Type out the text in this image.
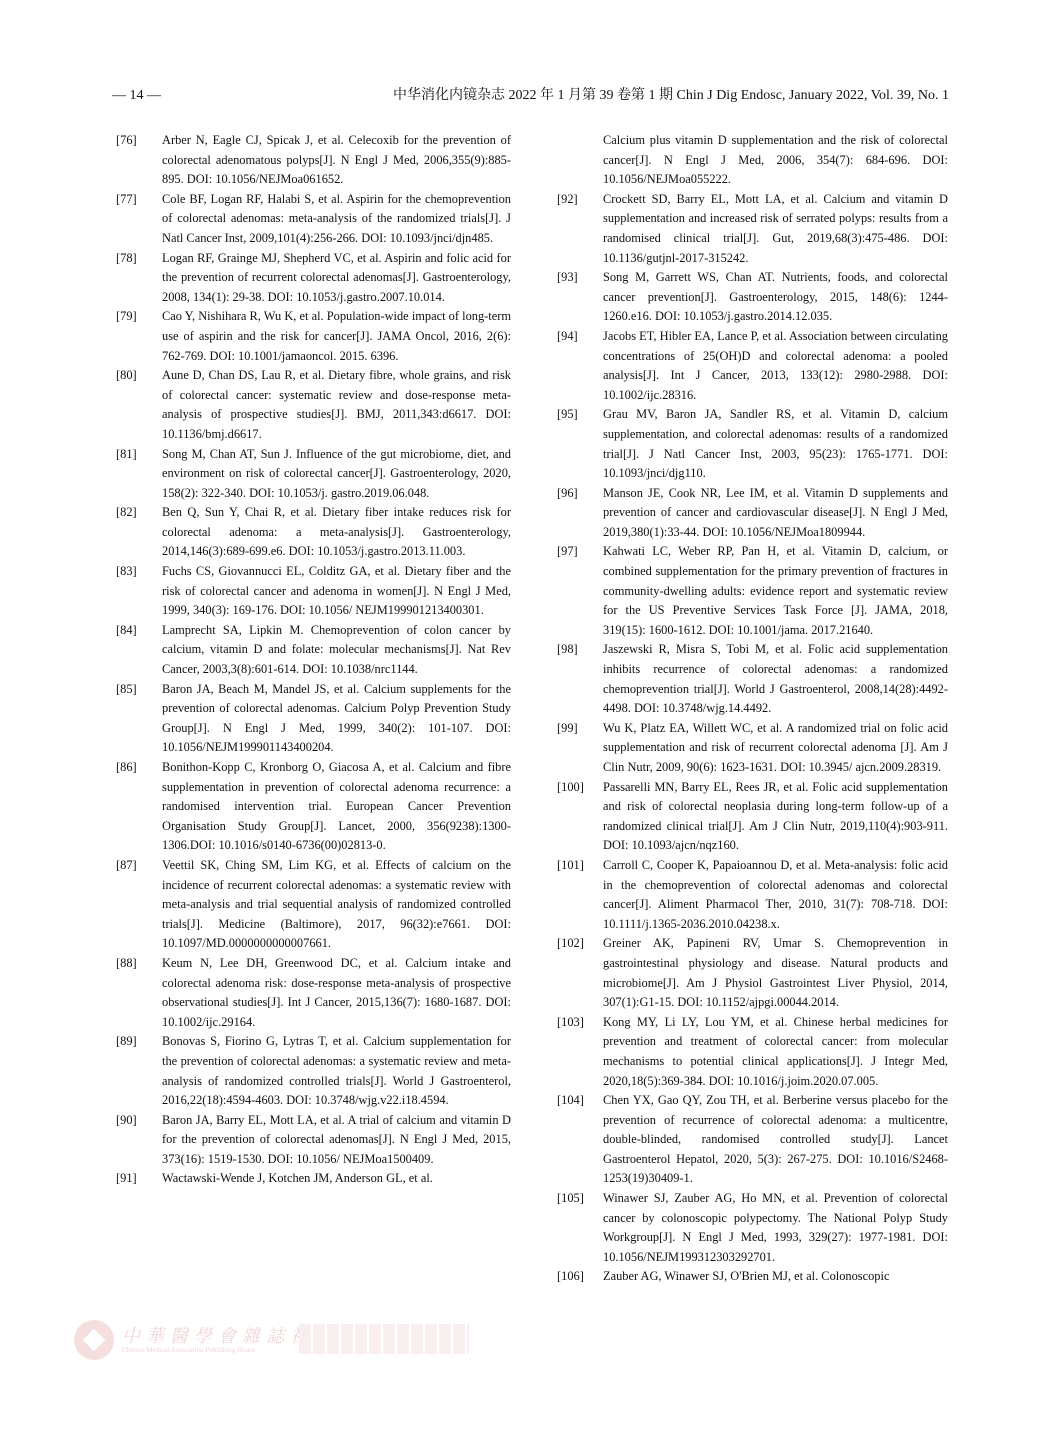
— 14 —	中华消化内镜杂志 2022 年 1 月第 39 卷第 1 期 Chin J Dig Endosc, January 2022, Vol. 39, No. 1
[76]	Arber N, Eagle CJ, Spicak J, et al. Celecoxib for the prevention of colorectal adenomatous polyps[J]. N Engl J Med, 2006,355(9):885-895. DOI: 10.1056/NEJMoa061652.
[77]	Cole BF, Logan RF, Halabi S, et al. Aspirin for the chemoprevention of colorectal adenomas: meta-analysis of the randomized trials[J]. J Natl Cancer Inst, 2009,101(4):256-266. DOI: 10.1093/jnci/djn485.
[78]	Logan RF, Grainge MJ, Shepherd VC, et al. Aspirin and folic acid for the prevention of recurrent colorectal adenomas[J]. Gastroenterology, 2008, 134(1): 29-38. DOI: 10.1053/j.gastro.2007.10.014.
[79]	Cao Y, Nishihara R, Wu K, et al. Population-wide impact of long-term use of aspirin and the risk for cancer[J]. JAMA Oncol, 2016, 2(6): 762-769. DOI: 10.1001/jamaoncol. 2015. 6396.
[80]	Aune D, Chan DS, Lau R, et al. Dietary fibre, whole grains, and risk of colorectal cancer: systematic review and dose-response meta-analysis of prospective studies[J]. BMJ, 2011,343:d6617. DOI: 10.1136/bmj.d6617.
[81]	Song M, Chan AT, Sun J. Influence of the gut microbiome, diet, and environment on risk of colorectal cancer[J]. Gastroenterology, 2020, 158(2): 322-340. DOI: 10.1053/j. gastro.2019.06.048.
[82]	Ben Q, Sun Y, Chai R, et al. Dietary fiber intake reduces risk for colorectal adenoma: a meta-analysis[J]. Gastroenterology, 2014,146(3):689-699.e6. DOI: 10.1053/j.gastro.2013.11.003.
[83]	Fuchs CS, Giovannucci EL, Colditz GA, et al. Dietary fiber and the risk of colorectal cancer and adenoma in women[J]. N Engl J Med, 1999, 340(3): 169-176. DOI: 10.1056/ NEJM199901213400301.
[84]	Lamprecht SA, Lipkin M. Chemoprevention of colon cancer by calcium, vitamin D and folate: molecular mechanisms[J]. Nat Rev Cancer, 2003,3(8):601-614. DOI: 10.1038/nrc1144.
[85]	Baron JA, Beach M, Mandel JS, et al. Calcium supplements for the prevention of colorectal adenomas. Calcium Polyp Prevention Study Group[J]. N Engl J Med, 1999, 340(2): 101-107. DOI: 10.1056/NEJM199901143400204.
[86]	Bonithon-Kopp C, Kronborg O, Giacosa A, et al. Calcium and fibre supplementation in prevention of colorectal adenoma recurrence: a randomised intervention trial. European Cancer Prevention Organisation Study Group[J]. Lancet, 2000, 356(9238):1300-1306.DOI: 10.1016/s0140-6736(00)02813-0.
[87]	Veettil SK, Ching SM, Lim KG, et al. Effects of calcium on the incidence of recurrent colorectal adenomas: a systematic review with meta-analysis and trial sequential analysis of randomized controlled trials[J]. Medicine (Baltimore), 2017, 96(32):e7661. DOI: 10.1097/MD.0000000000007661.
[88]	Keum N, Lee DH, Greenwood DC, et al. Calcium intake and colorectal adenoma risk: dose-response meta-analysis of prospective observational studies[J]. Int J Cancer, 2015,136(7): 1680-1687. DOI: 10.1002/ijc.29164.
[89]	Bonovas S, Fiorino G, Lytras T, et al. Calcium supplementation for the prevention of colorectal adenomas: a systematic review and meta-analysis of randomized controlled trials[J]. World J Gastroenterol, 2016,22(18):4594-4603. DOI: 10.3748/wjg.v22.i18.4594.
[90]	Baron JA, Barry EL, Mott LA, et al. A trial of calcium and vitamin D for the prevention of colorectal adenomas[J]. N Engl J Med, 2015, 373(16): 1519-1530. DOI: 10.1056/ NEJMoa1500409.
[91]	Wactawski-Wende J, Kotchen JM, Anderson GL, et al.
Calcium plus vitamin D supplementation and the risk of colorectal cancer[J]. N Engl J Med, 2006, 354(7): 684-696. DOI: 10.1056/NEJMoa055222.
[92]	Crockett SD, Barry EL, Mott LA, et al. Calcium and vitamin D supplementation and increased risk of serrated polyps: results from a randomised clinical trial[J]. Gut, 2019,68(3):475-486. DOI: 10.1136/gutjnl-2017-315242.
[93]	Song M, Garrett WS, Chan AT. Nutrients, foods, and colorectal cancer prevention[J]. Gastroenterology, 2015, 148(6): 1244-1260.e16. DOI: 10.1053/j.gastro.2014.12.035.
[94]	Jacobs ET, Hibler EA, Lance P, et al. Association between circulating concentrations of 25(OH)D and colorectal adenoma: a pooled analysis[J]. Int J Cancer, 2013, 133(12): 2980-2988. DOI: 10.1002/ijc.28316.
[95]	Grau MV, Baron JA, Sandler RS, et al. Vitamin D, calcium supplementation, and colorectal adenomas: results of a randomized trial[J]. J Natl Cancer Inst, 2003, 95(23): 1765-1771. DOI: 10.1093/jnci/djg110.
[96]	Manson JE, Cook NR, Lee IM, et al. Vitamin D supplements and prevention of cancer and cardiovascular disease[J]. N Engl J Med, 2019,380(1):33-44. DOI: 10.1056/NEJMoa1809944.
[97]	Kahwati LC, Weber RP, Pan H, et al. Vitamin D, calcium, or combined supplementation for the primary prevention of fractures in community-dwelling adults: evidence report and systematic review for the US Preventive Services Task Force [J]. JAMA, 2018, 319(15): 1600-1612. DOI: 10.1001/jama. 2017.21640.
[98]	Jaszewski R, Misra S, Tobi M, et al. Folic acid supplementation inhibits recurrence of colorectal adenomas: a randomized chemoprevention trial[J]. World J Gastroenterol, 2008,14(28):4492-4498. DOI: 10.3748/wjg.14.4492.
[99]	Wu K, Platz EA, Willett WC, et al. A randomized trial on folic acid supplementation and risk of recurrent colorectal adenoma [J]. Am J Clin Nutr, 2009, 90(6): 1623-1631. DOI: 10.3945/ ajcn.2009.28319.
[100]	Passarelli MN, Barry EL, Rees JR, et al. Folic acid supplementation and risk of colorectal neoplasia during long-term follow-up of a randomized clinical trial[J]. Am J Clin Nutr, 2019,110(4):903-911. DOI: 10.1093/ajcn/nqz160.
[101]	Carroll C, Cooper K, Papaioannou D, et al. Meta-analysis: folic acid in the chemoprevention of colorectal adenomas and colorectal cancer[J]. Aliment Pharmacol Ther, 2010, 31(7): 708-718. DOI: 10.1111/j.1365-2036.2010.04238.x.
[102]	Greiner AK, Papineni RV, Umar S. Chemoprevention in gastrointestinal physiology and disease. Natural products and microbiome[J]. Am J Physiol Gastrointest Liver Physiol, 2014, 307(1):G1-15. DOI: 10.1152/ajpgi.00044.2014.
[103]	Kong MY, Li LY, Lou YM, et al. Chinese herbal medicines for prevention and treatment of colorectal cancer: from molecular mechanisms to potential clinical applications[J]. J Integr Med, 2020,18(5):369-384. DOI: 10.1016/j.joim.2020.07.005.
[104]	Chen YX, Gao QY, Zou TH, et al. Berberine versus placebo for the prevention of recurrence of colorectal adenoma: a multicentre, double-blinded, randomised controlled study[J]. Lancet Gastroenterol Hepatol, 2020, 5(3): 267-275. DOI: 10.1016/S2468-1253(19)30409-1.
[105]	Winawer SJ, Zauber AG, Ho MN, et al. Prevention of colorectal cancer by colonoscopic polypectomy. The National Polyp Study Workgroup[J]. N Engl J Med, 1993, 329(27): 1977-1981. DOI: 10.1056/NEJM199312303292701.
[106]	Zauber AG, Winawer SJ, O'Brien MJ, et al. Colonoscopic
中華醫學會雜誌社
Chinese Medical Association Publishing House
